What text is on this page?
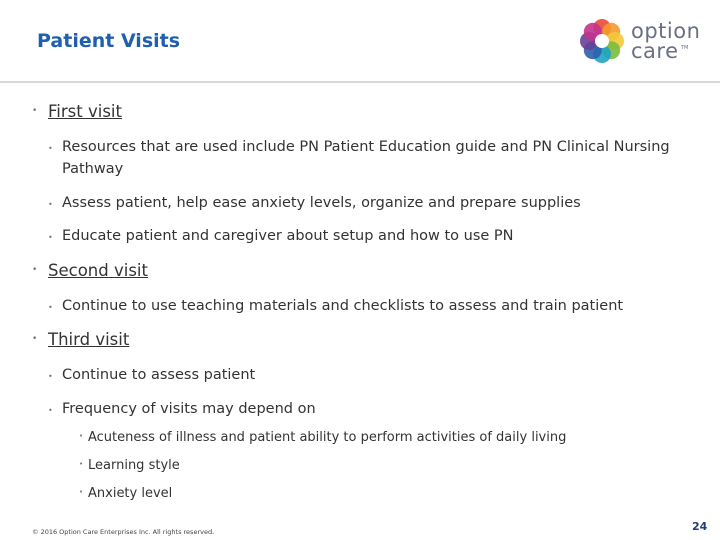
Patient Visits	option
care TM
• First visit
• Resources that are used include PN Patient Education guide and PN Clinical Nursing
Pathway
• Assess patient, help ease anxiety levels, organize and prepare supplies
• Educate patient and caregiver about setup and how to use PN
• Second visit
• Continue to use teaching materials and checklists to assess and train patient
• Third visit
• Continue to assess patient
• Frequency of visits may depend on
• Acuteness of illness and patient ability to perform activities of daily living
• Learning style
• Anxiety level
© 2016 Option Care Enterprises Inc. All rights reserved.	24
